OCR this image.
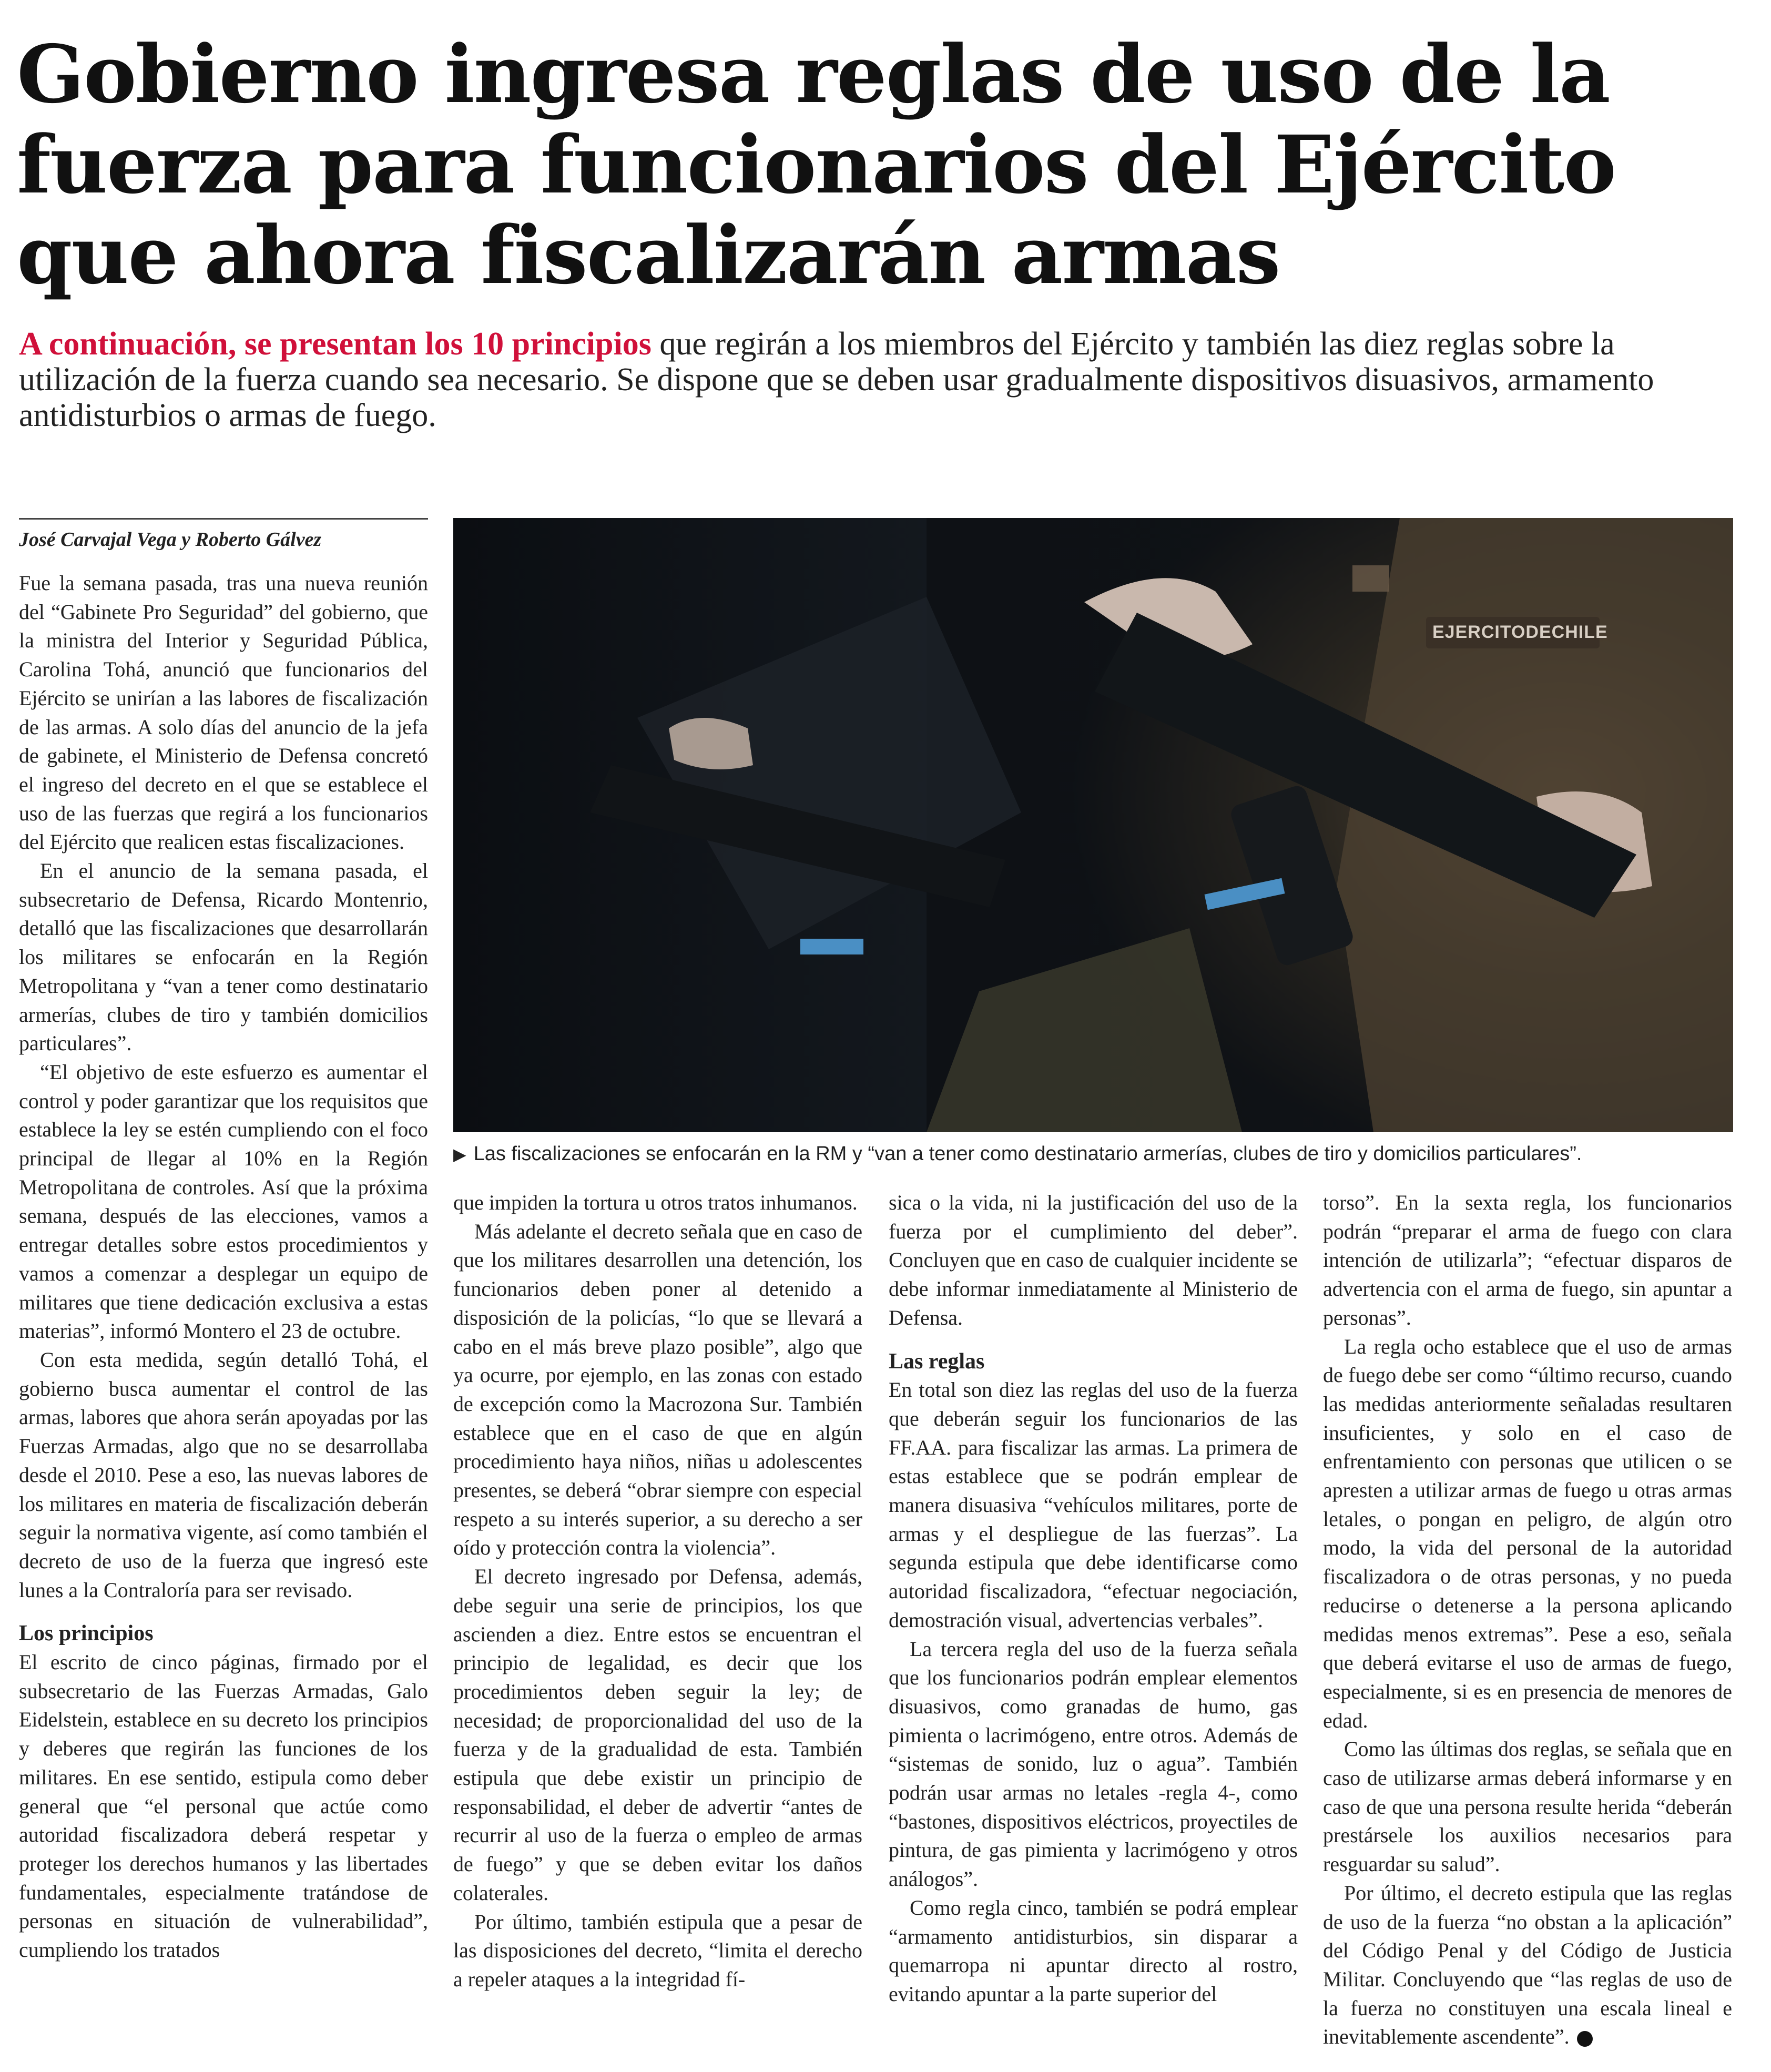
Gobierno ingresa reglas de uso de la fuerza para funcionarios del Ejército que ahora fiscalizarán armas

A continuación, se presentan los 10 principios que regirán a los miembros del Ejército y también las diez reglas sobre la utilización de la fuerza cuando sea necesario. Se dispone que se deben usar gradualmente dispositivos disuasivos, armamento antidisturbios o armas de fuego.

José Carvajal Vega y Roberto Gálvez

Fue la semana pasada, tras una nueva reunión del “Gabinete Pro Seguridad” del gobierno, que la ministra del Interior y Seguridad Pública, Carolina Tohá, anunció que funcionarios del Ejército se unirían a las labores de fiscalización de las armas. A solo días del anuncio de la jefa de gabinete, el Ministerio de Defensa concretó el ingreso del decreto en el que se establece el uso de las fuerzas que regirá a los funcionarios del Ejército que realicen estas fiscalizaciones.

En el anuncio de la semana pasada, el subsecretario de Defensa, Ricardo Montenrio, detalló que las fiscalizaciones que desarrollarán los militares se enfocarán en la Región Metropolitana y “van a tener como destinatario armerías, clubes de tiro y también domicilios particulares”.

“El objetivo de este esfuerzo es aumentar el control y poder garantizar que los requisitos que establece la ley se estén cumpliendo con el foco principal de llegar al 10% en la Región Metropolitana de controles. Así que la próxima semana, después de las elecciones, vamos a entregar detalles sobre estos procedimientos y vamos a comenzar a desplegar un equipo de militares que tiene dedicación exclusiva a estas materias”, informó Montero el 23 de octubre.

Con esta medida, según detalló Tohá, el gobierno busca aumentar el control de las armas, labores que ahora serán apoyadas por las Fuerzas Armadas, algo que no se desarrollaba desde el 2010. Pese a eso, las nuevas labores de los militares en materia de fiscalización deberán seguir la normativa vigente, así como también el decreto de uso de la fuerza que ingresó este lunes a la Contraloría para ser revisado.

Los principios

El escrito de cinco páginas, firmado por el subsecretario de las Fuerzas Armadas, Galo Eidelstein, establece en su decreto los principios y deberes que regirán las funciones de los militares. En ese sentido, estipula como deber general que “el personal que actúe como autoridad fiscalizadora deberá respetar y proteger los derechos humanos y las libertades fundamentales, especialmente tratándose de personas en situación de vulnerabilidad”, cumpliendo los tratados

EJERCITODECHILE

▶ Las fiscalizaciones se enfocarán en la RM y “van a tener como destinatario armerías, clubes de tiro y domicilios particulares”.

que impiden la tortura u otros tratos inhumanos.

Más adelante el decreto señala que en caso de que los militares desarrollen una detención, los funcionarios deben poner al detenido a disposición de la policías, “lo que se llevará a cabo en el más breve plazo posible”, algo que ya ocurre, por ejemplo, en las zonas con estado de excepción como la Macrozona Sur. También establece que en el caso de que en algún procedimiento haya niños, niñas u adolescentes presentes, se deberá “obrar siempre con especial respeto a su interés superior, a su derecho a ser oído y protección contra la violencia”.

El decreto ingresado por Defensa, además, debe seguir una serie de principios, los que ascienden a diez. Entre estos se encuentran el principio de legalidad, es decir que los procedimientos deben seguir la ley; de necesidad; de proporcionalidad del uso de la fuerza y de la gradualidad de esta. También estipula que debe existir un principio de responsabilidad, el deber de advertir “antes de recurrir al uso de la fuerza o empleo de armas de fuego” y que se deben evitar los daños colaterales.

Por último, también estipula que a pesar de las disposiciones del decreto, “limita el derecho a repeler ataques a la integridad fí-

sica o la vida, ni la justificación del uso de la fuerza por el cumplimiento del deber”. Concluyen que en caso de cualquier incidente se debe informar inmediatamente al Ministerio de Defensa.

Las reglas

En total son diez las reglas del uso de la fuerza que deberán seguir los funcionarios de las FF.AA. para fiscalizar las armas. La primera de estas establece que se podrán emplear de manera disuasiva “vehículos militares, porte de armas y el despliegue de las fuerzas”. La segunda estipula que debe identificarse como autoridad fiscalizadora, “efectuar negociación, demostración visual, advertencias verbales”.

La tercera regla del uso de la fuerza señala que los funcionarios podrán emplear elementos disuasivos, como granadas de humo, gas pimienta o lacrimógeno, entre otros. Además de “sistemas de sonido, luz o agua”. También podrán usar armas no letales -regla 4-, como “bastones, dispositivos eléctricos, proyectiles de pintura, de gas pimienta y lacrimógeno y otros análogos”.

Como regla cinco, también se podrá emplear “armamento antidisturbios, sin disparar a quemarropa ni apuntar directo al rostro, evitando apuntar a la parte superior del

torso”. En la sexta regla, los funcionarios podrán “preparar el arma de fuego con clara intención de utilizarla”; “efectuar disparos de advertencia con el arma de fuego, sin apuntar a personas”.

La regla ocho establece que el uso de armas de fuego debe ser como “último recurso, cuando las medidas anteriormente señaladas resultaren insuficientes, y solo en el caso de enfrentamiento con personas que utilicen o se apresten a utilizar armas de fuego u otras armas letales, o pongan en peligro, de algún otro modo, la vida del personal de la autoridad fiscalizadora o de otras personas, y no pueda reducirse o detenerse a la persona aplicando medidas menos extremas”. Pese a eso, señala que deberá evitarse el uso de armas de fuego, especialmente, si es en presencia de menores de edad.

Como las últimas dos reglas, se señala que en caso de utilizarse armas deberá informarse y en caso de que una persona resulte herida “deberán prestársele los auxilios necesarios para resguardar su salud”.

Por último, el decreto estipula que las reglas de uso de la fuerza “no obstan a la aplicación” del Código Penal y del Código de Justicia Militar. Concluyendo que “las reglas de uso de la fuerza no constituyen una escala lineal e inevitablemente ascendente”.
